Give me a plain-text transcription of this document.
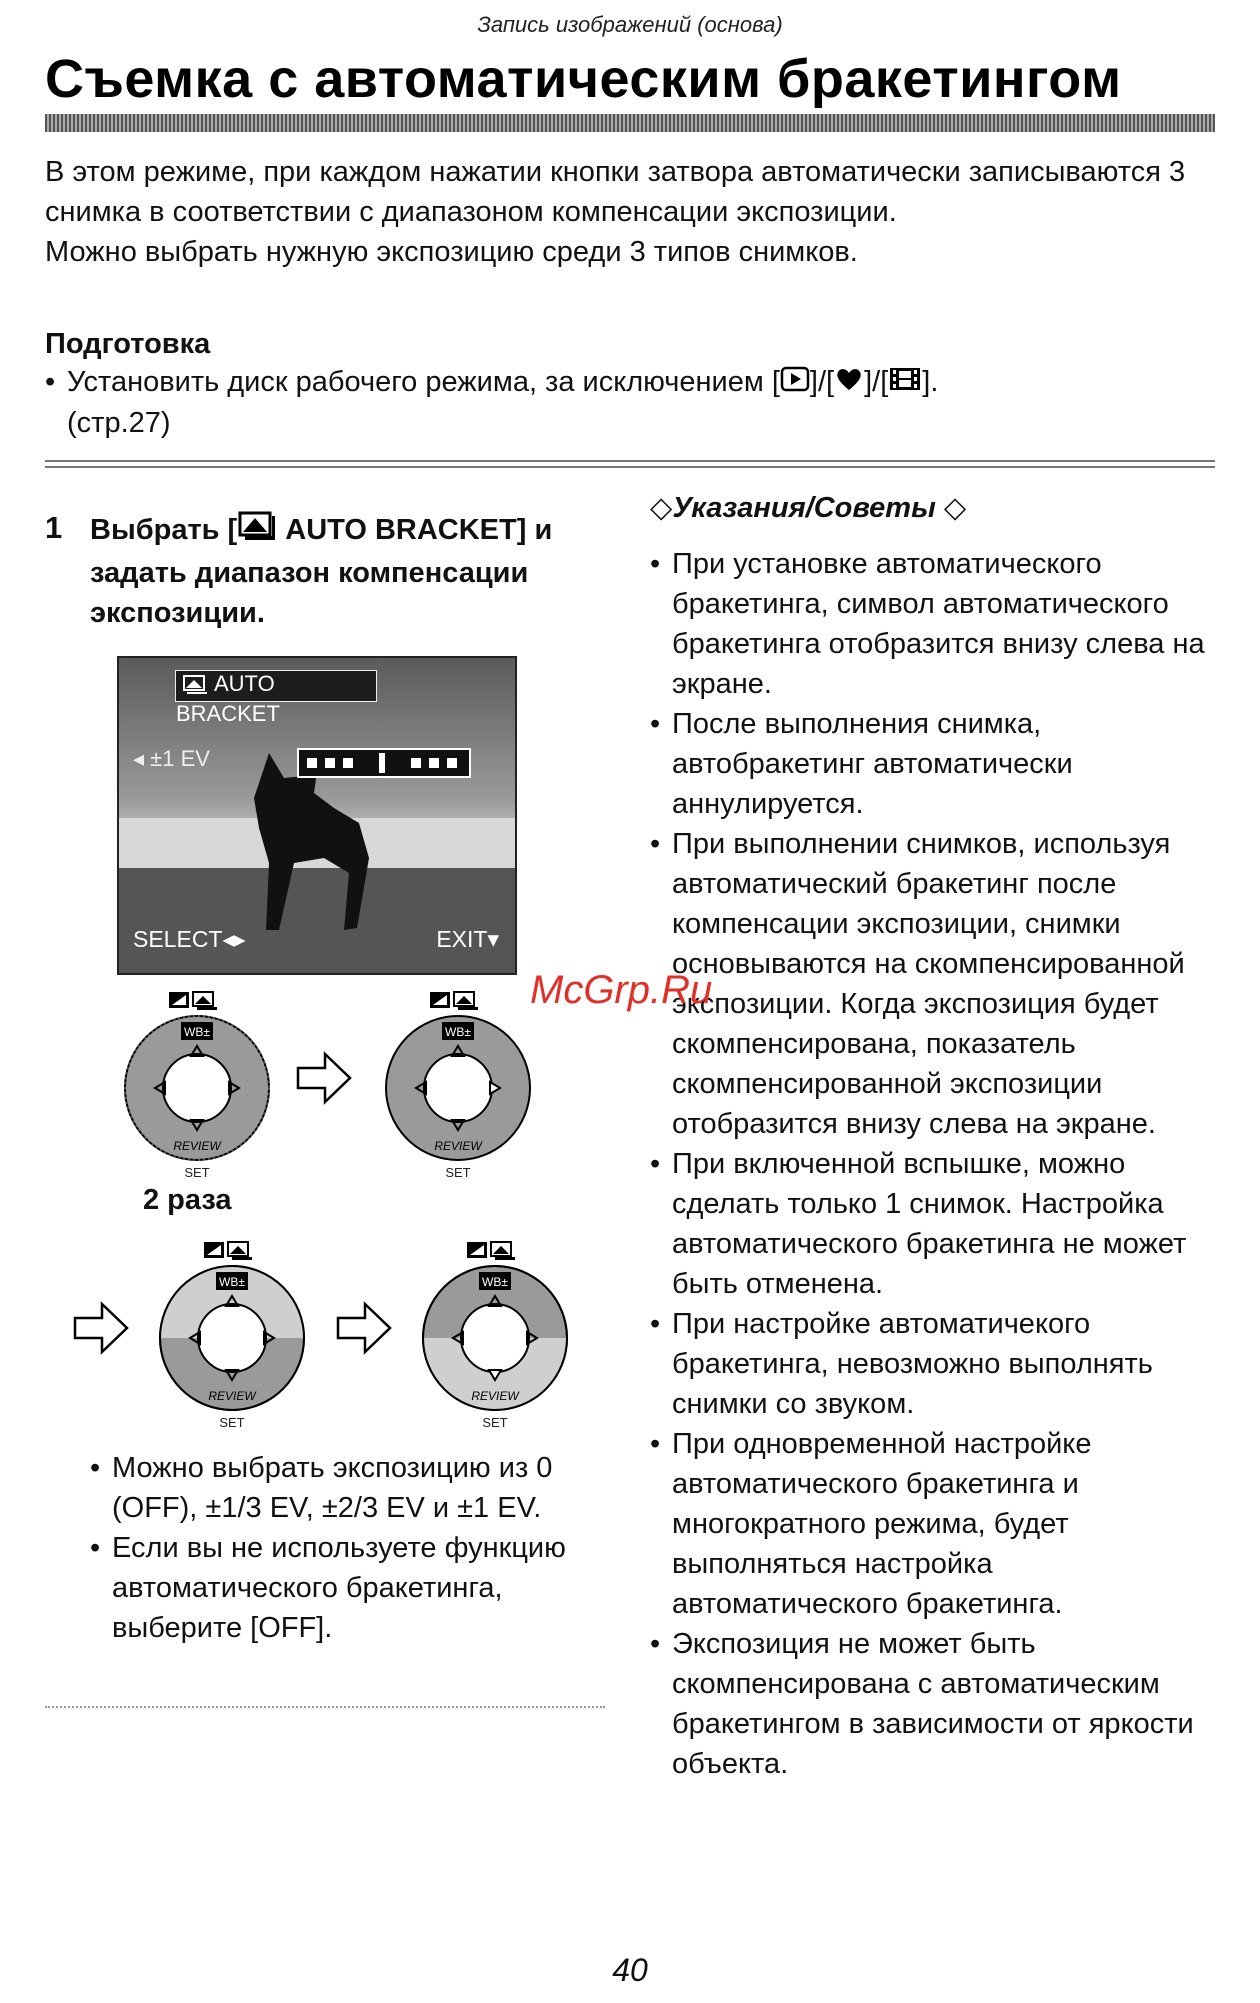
Запись изображений (основа)
Съемка с автоматическим бракетингом
В этом режиме, при каждом нажатии кнопки затвора автоматически записываются 3 снимка в соответствии с диапазоном компенсации экспозиции.
Можно выбрать нужную экспозицию среди 3 типов снимков.
Подготовка
• Установить диск рабочего режима, за исключением [ ]/[ ]/[ ].
(стр.27)
1 Выбрать [ AUTO BRACKET] и задать диапазон компенсации экспозиции.
AUTO BRACKET
◂ ±1 EV
SELECT◂▸	EXIT▾
WB±
REVIEW
SET
WB±
REVIEW
SET
2 раза
WB±
REVIEW
SET
WB±
REVIEW
SET
• Можно выбрать экспозицию из 0 (OFF), ±1/3 EV, ±2/3 EV и ±1 EV.
• Если вы не используете функцию автоматического бракетинга, выберите [OFF].
◇Указания/Советы ◇
• При установке автоматического бракетинга, символ автоматического бракетинга отобразится внизу слева на экране.
• После выполнения снимка, автобракетинг автоматически аннулируется.
• При выполнении снимков, используя автоматический бракетинг после компенсации экспозиции, снимки основываются на скомпенсированной экспозиции. Когда экспозиция будет скомпенсирована, показатель скомпенсированной экспозиции отобразится внизу слева на экране.
• При включенной вспышке, можно сделать только 1 снимок. Настройка автоматического бракетинга не может быть отменена.
• При настройке автоматичекого бракетинга, невозможно выполнять снимки со звуком.
• При одновременной настройке автоматического бракетинга и многократного режима, будет выполняться настройка автоматического бракетинга.
• Экспозиция не может быть скомпенсирована с автоматическим бракетингом в зависимости от яркости объекта.
McGrp.Ru
40
